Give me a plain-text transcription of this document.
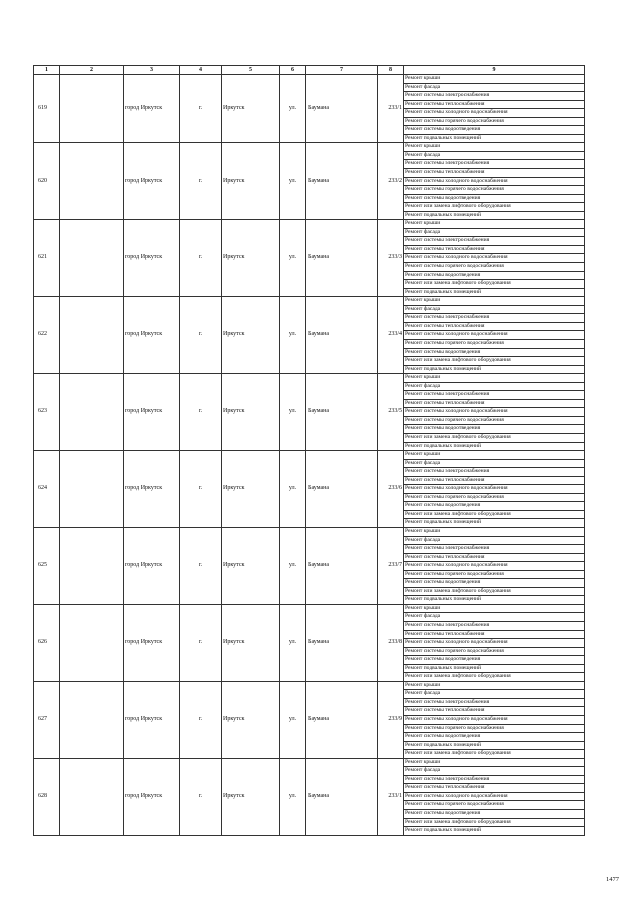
1	2	3	4	5	6	7	8	9
619		город Иркутск	г.	Иркутск	ул.	Баумана	233/1	Ремонт крыши
								Ремонт фасада
								Ремонт системы электроснабжения
								Ремонт системы теплоснабжения
								Ремонт системы холодного водоснабжения
								Ремонт системы горячего водоснабжения
								Ремонт системы водоотведения
								Ремонт подвальных помещений
620		город Иркутск	г.	Иркутск	ул.	Баумана	233/2	Ремонт крыши
								Ремонт фасада
								Ремонт системы электроснабжения
								Ремонт системы теплоснабжения
								Ремонт системы холодного водоснабжения
								Ремонт системы горячего водоснабжения
								Ремонт системы водоотведения
								Ремонт или замена лифтового оборудования
								Ремонт подвальных помещений
621		город Иркутск	г.	Иркутск	ул.	Баумана	233/3	Ремонт крыши
								Ремонт фасада
								Ремонт системы электроснабжения
								Ремонт системы теплоснабжения
								Ремонт системы холодного водоснабжения
								Ремонт системы горячего водоснабжения
								Ремонт системы водоотведения
								Ремонт или замена лифтового оборудования
								Ремонт подвальных помещений
622		город Иркутск	г.	Иркутск	ул.	Баумана	233/4	Ремонт крыши
								Ремонт фасада
								Ремонт системы электроснабжения
								Ремонт системы теплоснабжения
								Ремонт системы холодного водоснабжения
								Ремонт системы горячего водоснабжения
								Ремонт системы водоотведения
								Ремонт или замена лифтового оборудования
								Ремонт подвальных помещений
623		город Иркутск	г.	Иркутск	ул.	Баумана	233/5	Ремонт крыши
								Ремонт фасада
								Ремонт системы электроснабжения
								Ремонт системы теплоснабжения
								Ремонт системы холодного водоснабжения
								Ремонт системы горячего водоснабжения
								Ремонт системы водоотведения
								Ремонт или замена лифтового оборудования
								Ремонт подвальных помещений
624		город Иркутск	г.	Иркутск	ул.	Баумана	233/6	Ремонт крыши
								Ремонт фасада
								Ремонт системы электроснабжения
								Ремонт системы теплоснабжения
								Ремонт системы холодного водоснабжения
								Ремонт системы горячего водоснабжения
								Ремонт системы водоотведения
								Ремонт или замена лифтового оборудования
								Ремонт подвальных помещений
625		город Иркутск	г.	Иркутск	ул.	Баумана	233/7	Ремонт крыши
								Ремонт фасада
								Ремонт системы электроснабжения
								Ремонт системы теплоснабжения
								Ремонт системы холодного водоснабжения
								Ремонт системы горячего водоснабжения
								Ремонт системы водоотведения
								Ремонт или замена лифтового оборудования
								Ремонт подвальных помещений
626		город Иркутск	г.	Иркутск	ул.	Баумана	233/8	Ремонт крыши
								Ремонт фасада
								Ремонт системы электроснабжения
								Ремонт системы теплоснабжения
								Ремонт системы холодного водоснабжения
								Ремонт системы горячего водоснабжения
								Ремонт системы водоотведения
								Ремонт подвальных помещений
								Ремонт или замена лифтового оборудования
627		город Иркутск	г.	Иркутск	ул.	Баумана	233/9	Ремонт крыши
								Ремонт фасада
								Ремонт системы электроснабжения
								Ремонт системы теплоснабжения
								Ремонт системы холодного водоснабжения
								Ремонт системы горячего водоснабжения
								Ремонт системы водоотведения
								Ремонт подвальных помещений
								Ремонт или замена лифтового оборудования
628		город Иркутск	г.	Иркутск	ул.	Баумана	233/1	Ремонт крыши
								Ремонт фасада
								Ремонт системы электроснабжения
								Ремонт системы теплоснабжения
								Ремонт системы холодного водоснабжения
								Ремонт системы горячего водоснабжения
								Ремонт системы водоотведения
								Ремонт или замена лифтового оборудования
								Ремонт подвальных помещений
1477
